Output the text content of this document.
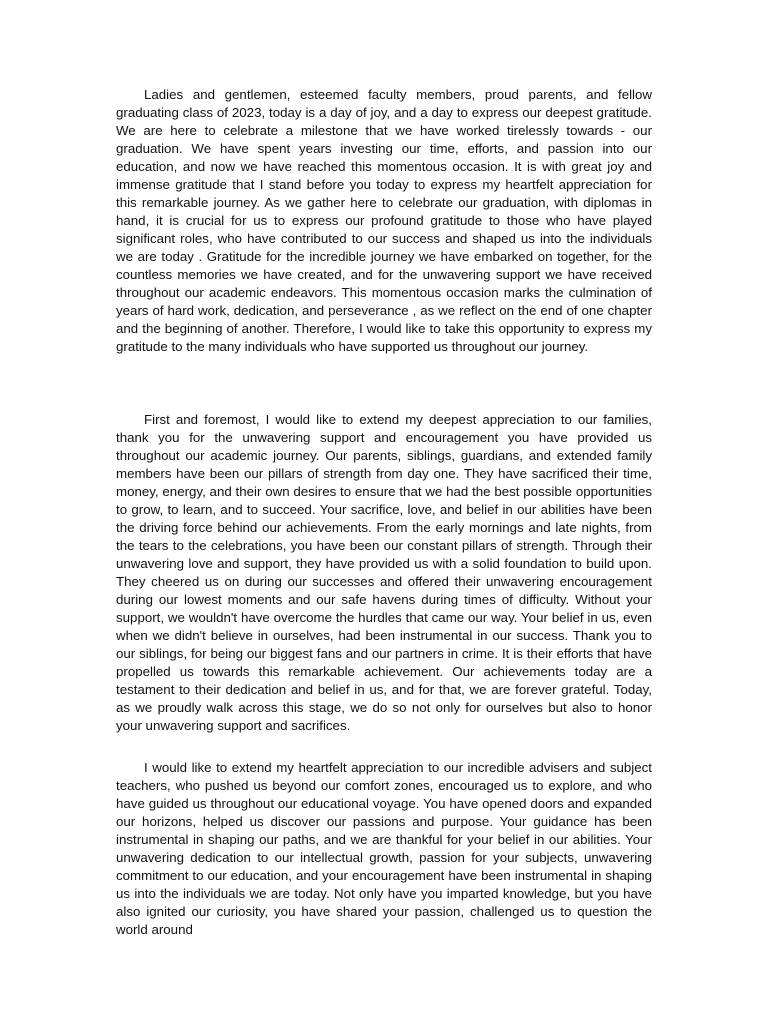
Ladies and gentlemen, esteemed faculty members, proud parents, and fellow graduating class of 2023, today is a day of joy, and a day to express our deepest gratitude. We are here to celebrate a milestone that we have worked tirelessly towards - our graduation. We have spent years investing our time, efforts, and passion into our education, and now we have reached this momentous occasion. It is with great joy and immense gratitude that I stand before you today to express my heartfelt appreciation for this remarkable journey. As we gather here to celebrate our graduation, with diplomas in hand, it is crucial for us to express our profound gratitude to those who have played significant roles, who have contributed to our success and shaped us into the individuals we are today . Gratitude for the incredible journey we have embarked on together, for the countless memories we have created, and for the unwavering support we have received throughout our academic endeavors. This momentous occasion marks the culmination of years of hard work, dedication, and perseverance , as we reflect on the end of one chapter and the beginning of another. Therefore, I would like to take this opportunity to express my gratitude to the many individuals who have supported us throughout our journey.

First and foremost, I would like to extend my deepest appreciation to our families, thank you for the unwavering support and encouragement you have provided us throughout our academic journey. Our parents, siblings, guardians, and extended family members have been our pillars of strength from day one. They have sacrificed their time, money, energy, and their own desires to ensure that we had the best possible opportunities to grow, to learn, and to succeed. Your sacrifice, love, and belief in our abilities have been the driving force behind our achievements. From the early mornings and late nights, from the tears to the celebrations, you have been our constant pillars of strength. Through their unwavering love and support, they have provided us with a solid foundation to build upon. They cheered us on during our successes and offered their unwavering encouragement during our lowest moments and our safe havens during times of difficulty. Without your support, we wouldn't have overcome the hurdles that came our way. Your belief in us, even when we didn't believe in ourselves, had been instrumental in our success. Thank you to our siblings, for being our biggest fans and our partners in crime. It is their efforts that have propelled us towards this remarkable achievement. Our achievements today are a testament to their dedication and belief in us, and for that, we are forever grateful. Today, as we proudly walk across this stage, we do so not only for ourselves but also to honor your unwavering support and sacrifices.

I would like to extend my heartfelt appreciation to our incredible advisers and subject teachers, who pushed us beyond our comfort zones, encouraged us to explore, and who have guided us throughout our educational voyage. You have opened doors and expanded our horizons, helped us discover our passions and purpose. Your guidance has been instrumental in shaping our paths, and we are thankful for your belief in our abilities. Your unwavering dedication to our intellectual growth, passion for your subjects, unwavering commitment to our education, and your encouragement have been instrumental in shaping us into the individuals we are today. Not only have you imparted knowledge, but you have also ignited our curiosity, you have shared your passion, challenged us to question the world around
